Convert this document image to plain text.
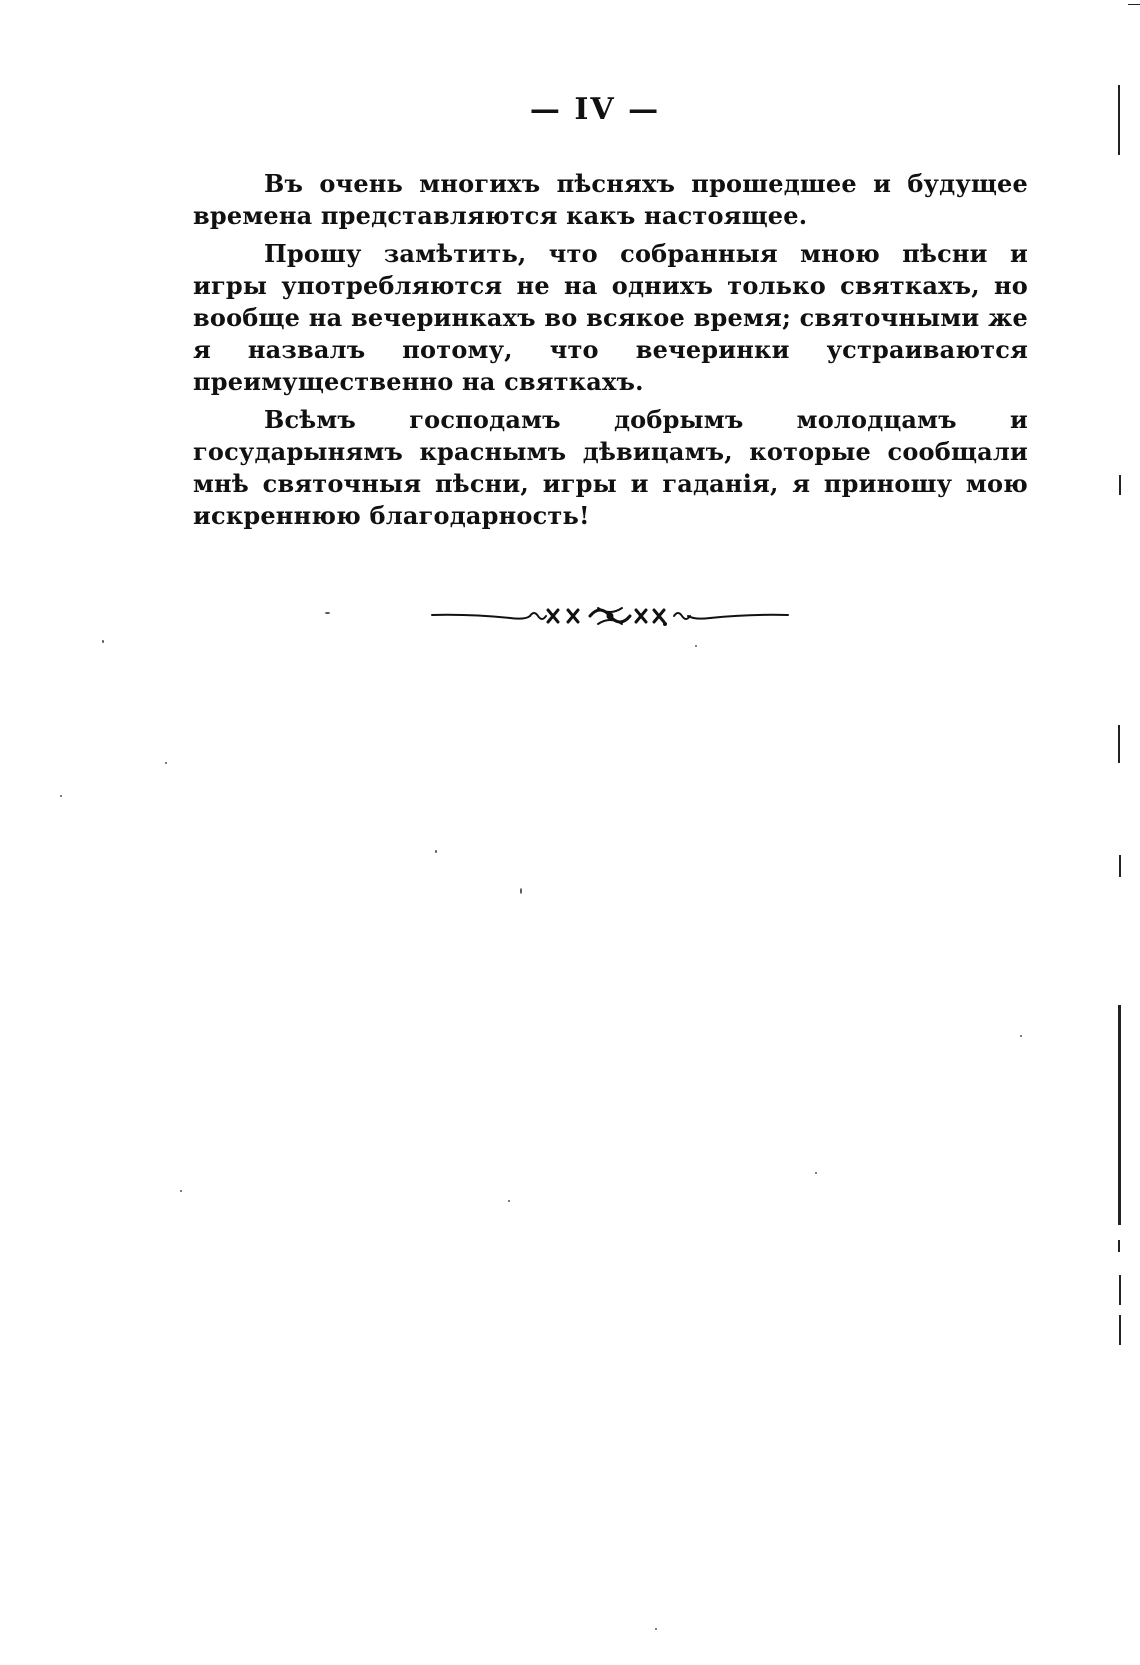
— IV —

Въ очень многихъ пѣсняхъ прошедшее и будущее времена представляются какъ настоящее.

Прошу замѣтить, что собранныя мною пѣсни и игры употребляются не на однихъ только святкахъ, но вообще на вечеринкахъ во всякое время; святочными же я назвалъ потому, что вечеринки устраиваются преимущественно на святкахъ.

Всѣмъ господамъ добрымъ молодцамъ и государынямъ краснымъ дѣвицамъ, которые сообщали мнѣ святочныя пѣсни, игры и гаданія, я приношу мою искреннюю благодарность!
